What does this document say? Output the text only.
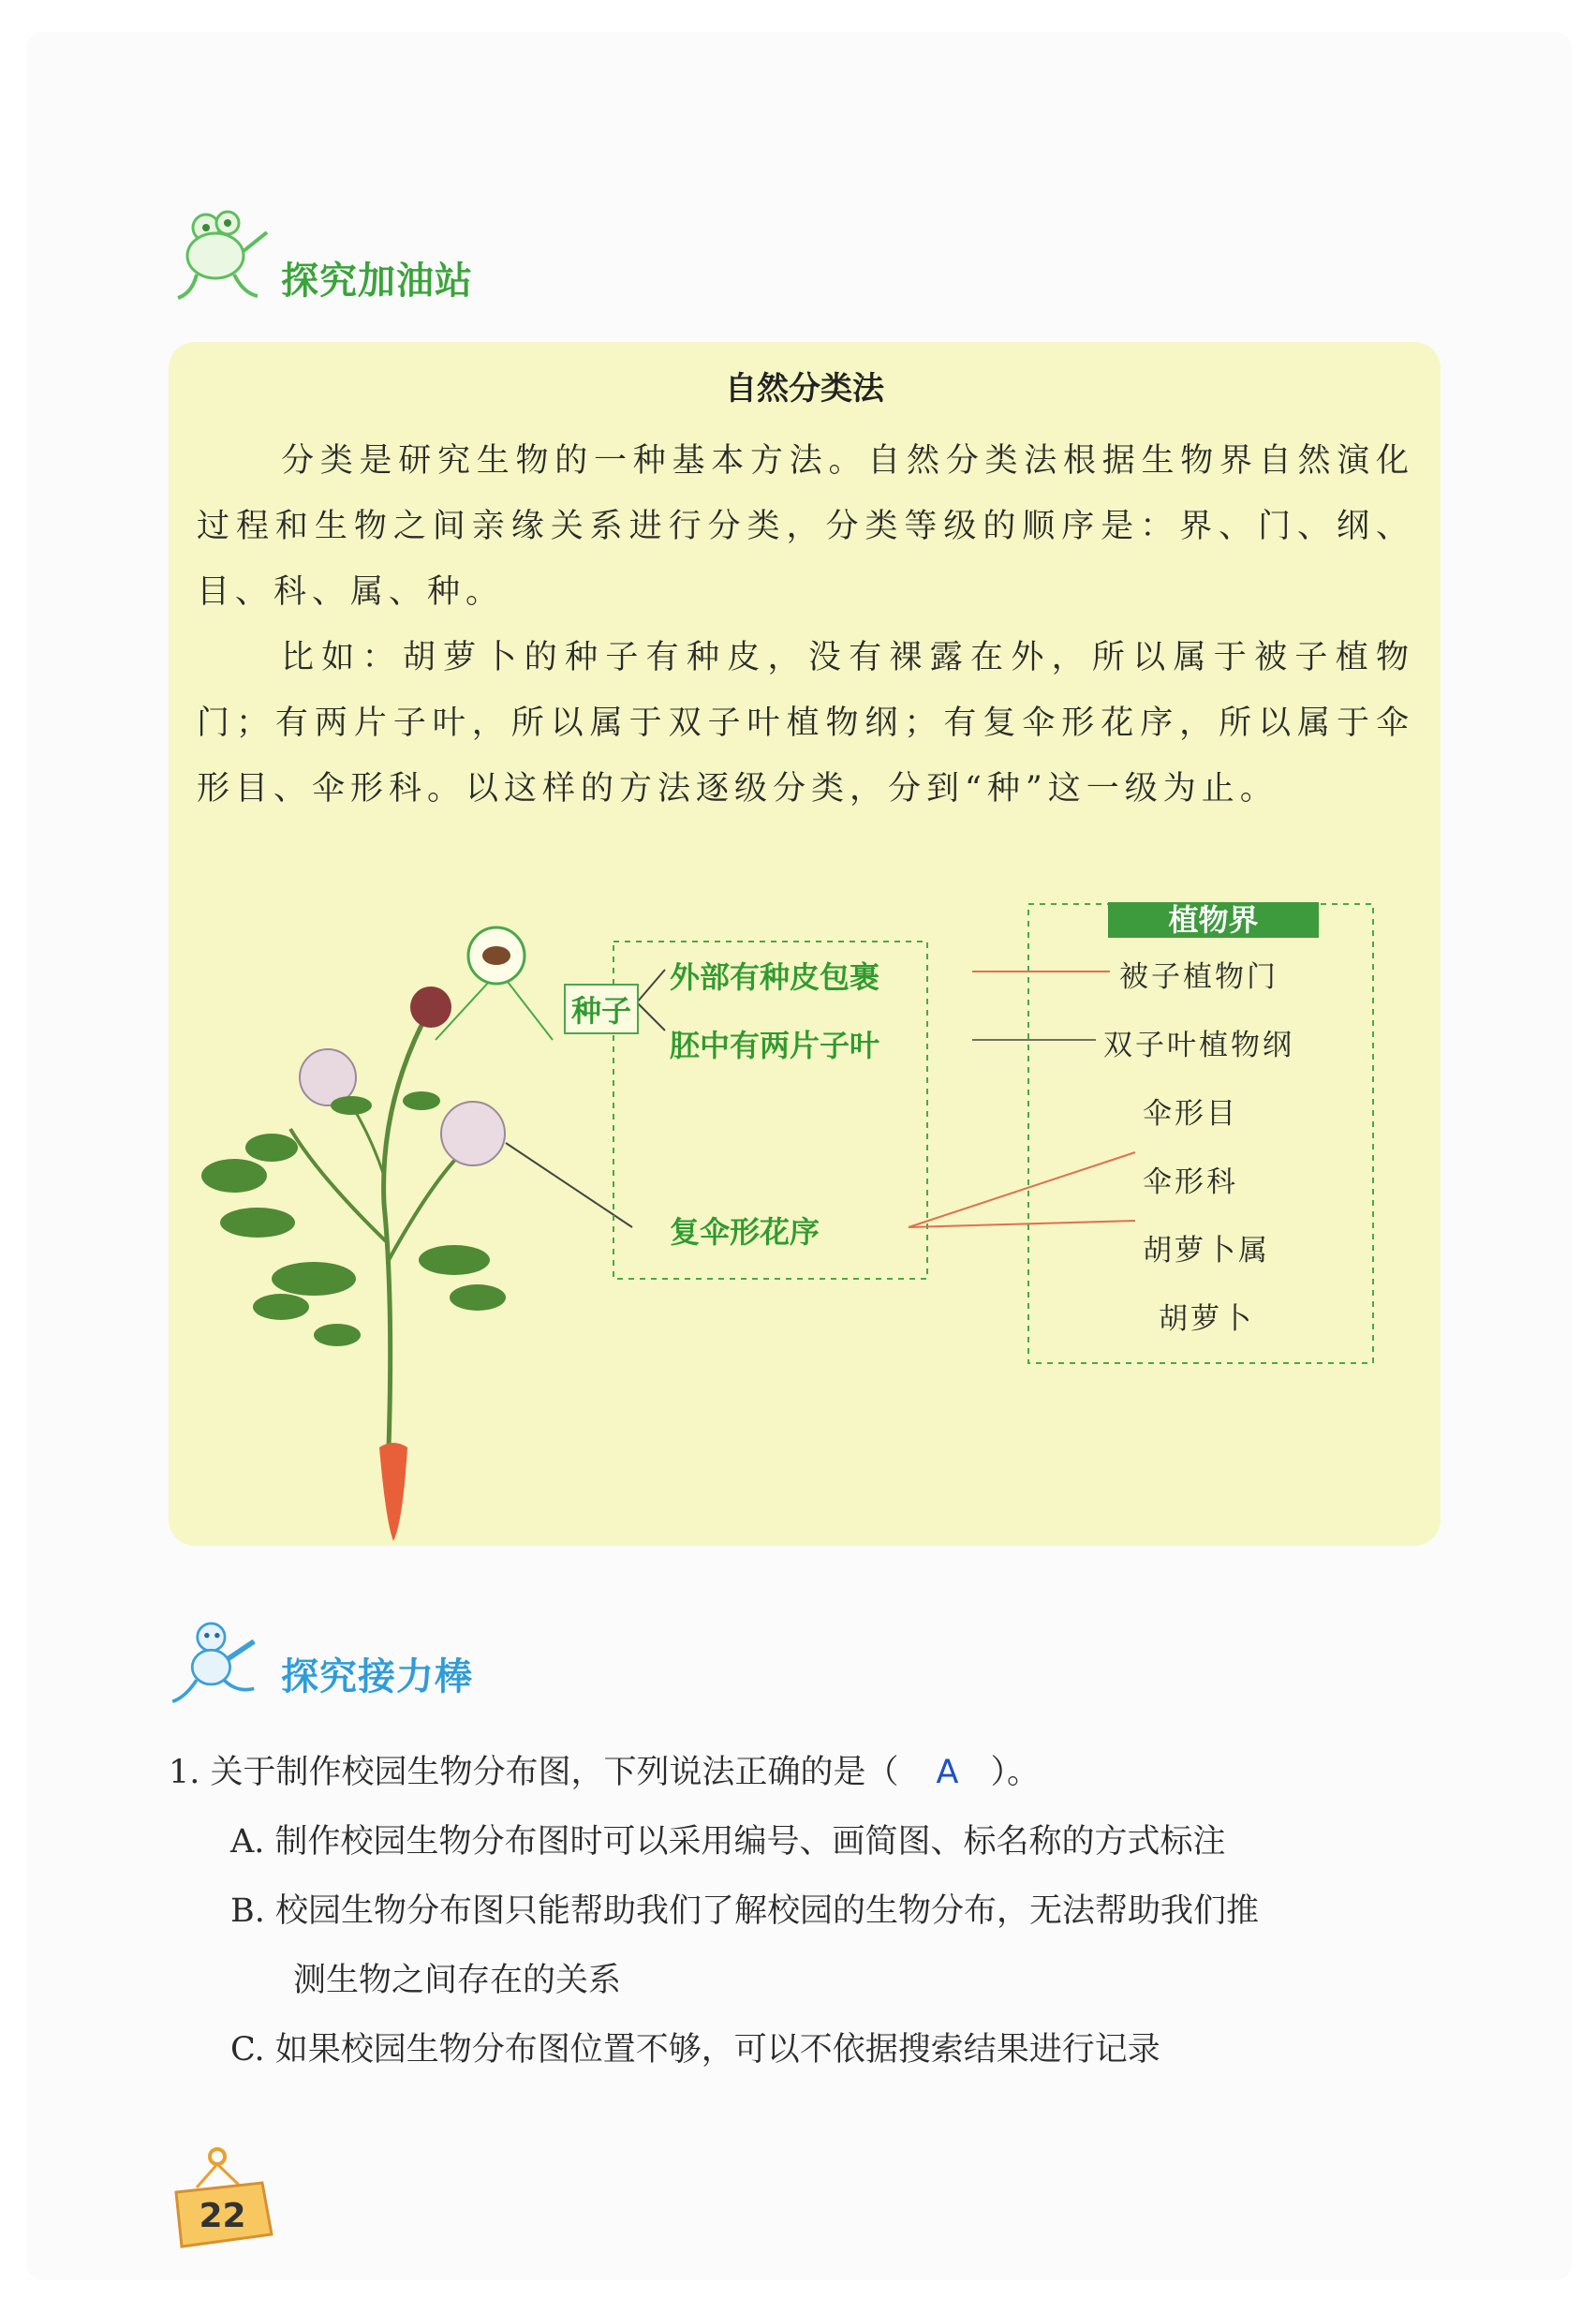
探究加油站
自然分类法
分类是研究生物的一种基本方法。自然分类法根据生物界自然演化过程和生物之间亲缘关系进行分类，分类等级的顺序是：界、门、纲、目、科、属、种。
比如：胡萝卜的种子有种皮，没有裸露在外，所以属于被子植物门；有两片子叶，所以属于双子叶植物纲；有复伞形花序，所以属于伞形目、伞形科。以这样的方法逐级分类，分到“种”这一级为止。
种子
外部有种皮包裹
胚中有两片子叶
复伞形花序
植物界
被子植物门
双子叶植物纲
伞形目
伞形科
胡萝卜属
胡萝卜
探究接力棒
1. 关于制作校园生物分布图，下列说法正确的是（ A ）。
A. 制作校园生物分布图时可以采用编号、画简图、标名称的方式标注
B. 校园生物分布图只能帮助我们了解校园的生物分布，无法帮助我们推
测生物之间存在的关系
C. 如果校园生物分布图位置不够，可以不依据搜索结果进行记录
22
